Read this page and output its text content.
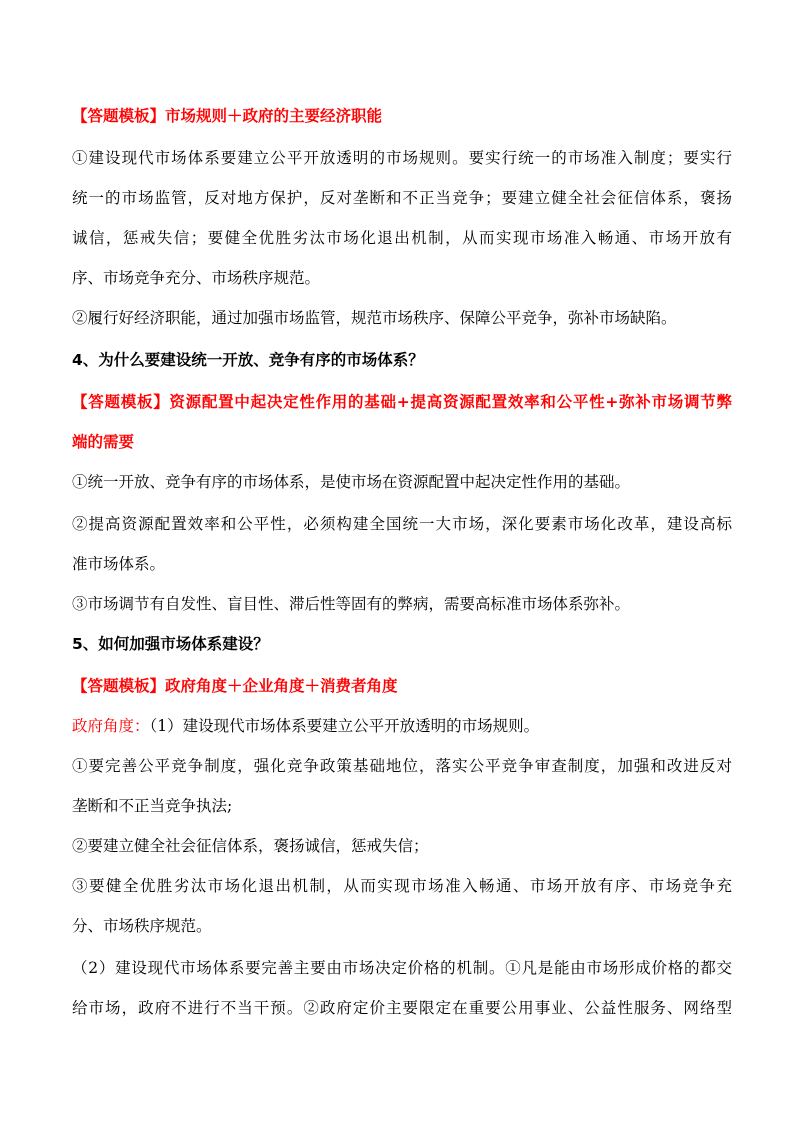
【答题模板】市场规则＋政府的主要经济职能
①建设现代市场体系要建立公平开放透明的市场规则。要实行统一的市场准入制度；要实行
统一的市场监管，反对地方保护，反对垄断和不正当竞争；要建立健全社会征信体系，褒扬
诚信，惩戒失信；要健全优胜劣汰市场化退出机制，从而实现市场准入畅通、市场开放有
序、市场竞争充分、市场秩序规范。
②履行好经济职能，通过加强市场监管，规范市场秩序、保障公平竞争，弥补市场缺陷。
4、为什么要建设统一开放、竞争有序的市场体系？
【答题模板】资源配置中起决定性作用的基础+提高资源配置效率和公平性+弥补市场调节弊
端的需要
①统一开放、竞争有序的市场体系，是使市场在资源配置中起决定性作用的基础。
②提高资源配置效率和公平性，必须构建全国统一大市场，深化要素市场化改革，建设高标
准市场体系。
③市场调节有自发性、盲目性、滞后性等固有的弊病，需要高标准市场体系弥补。
5、如何加强市场体系建设？
【答题模板】政府角度＋企业角度＋消费者角度
政府角度：（1）建设现代市场体系要建立公平开放透明的市场规则。
①要完善公平竞争制度，强化竞争政策基础地位，落实公平竞争审查制度，加强和改进反对
垄断和不正当竞争执法;
②要建立健全社会征信体系，褒扬诚信，惩戒失信；
③要健全优胜劣汰市场化退出机制，从而实现市场准入畅通、市场开放有序、市场竞争充
分、市场秩序规范。
（2）建设现代市场体系要完善主要由市场决定价格的机制。①凡是能由市场形成价格的都交
给市场，政府不进行不当干预。②政府定价主要限定在重要公用事业、公益性服务、网络型
